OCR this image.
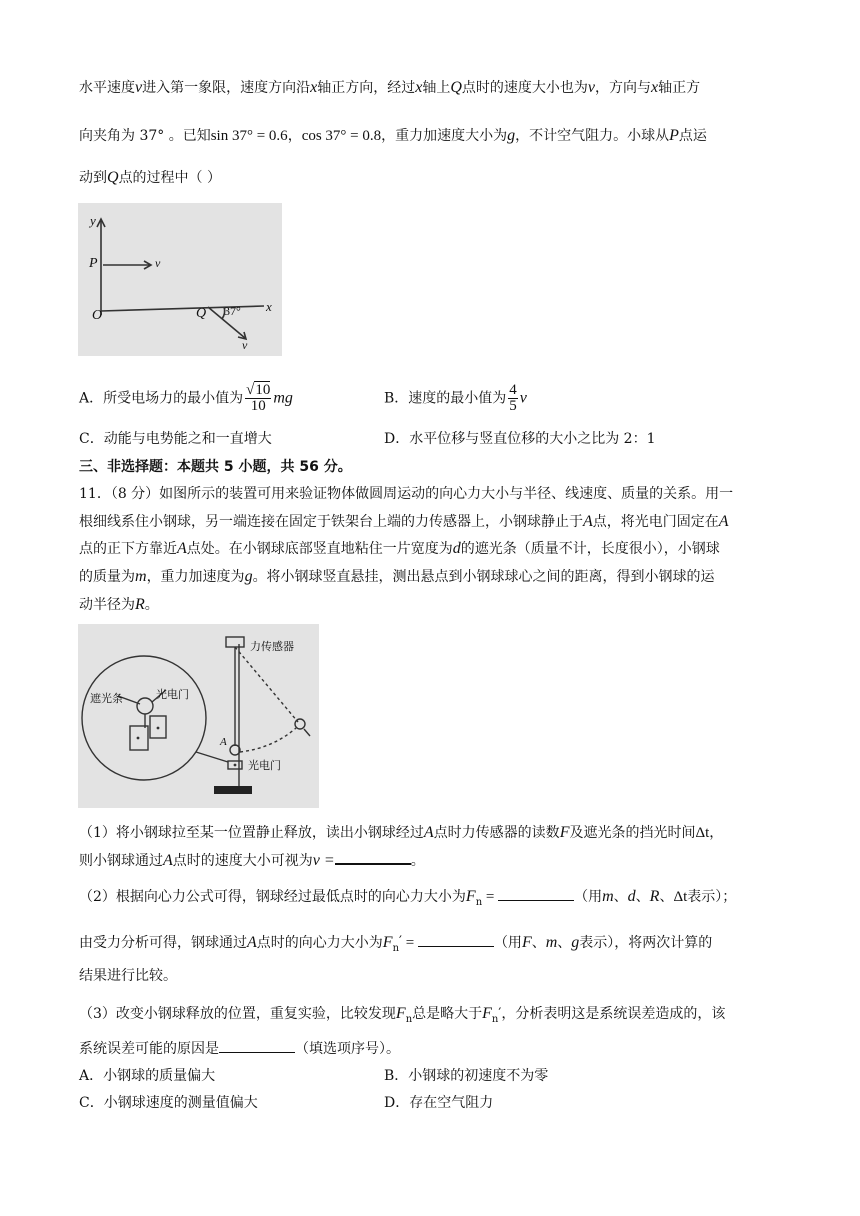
水平速度v进入第一象限，速度方向沿x轴正方向，经过x轴上Q点时的速度大小也为v，方向与x轴正方
向夹角为 37° 。已知sin 37° = 0.6，cos 37° = 0.8，重力加速度大小为g，不计空气阻力。小球从P点运
动到Q点的过程中（ ）
y
P	v
O	Q 37° x
v
A．所受电场力的最小值为 $\frac{√10}{10}$ mg	B．速度的最小值为 $\frac{4}{5}$ v
C．动能与电势能之和一直增大	D．水平位移与竖直位移的大小之比为 2：1
三、非选择题：本题共 5 小题，共 56 分。
11．（8 分）如图所示的装置可用来验证物体做圆周运动的向心力大小与半径、线速度、质量的关系。用一
根细线系住小钢球，另一端连接在固定于铁架台上端的力传感器上，小钢球静止于A点，将光电门固定在A
点的正下方靠近A点处。在小钢球底部竖直地粘住一片宽度为d的遮光条（质量不计，长度很小），小钢球
的质量为m，重力加速度为g。将小钢球竖直悬挂，测出悬点到小钢球球心之间的距离，得到小钢球的运
动半径为R。
力传感器
遮光条	光电门
A
光电门
（1）将小钢球拉至某一位置静止释放，读出小钢球经过A点时力传感器的读数F及遮光条的挡光时间Δt，
则小钢球通过A点时的速度大小可视为v =	。
（2）根据向心力公式可得，钢球经过最低点时的向心力大小为$F_n$ =	（用m、d、R、Δt表示）；
由受力分析可得，钢球通过A点时的向心力大小为$F_n'$ =	（用F、m、g表示），将两次计算的
结果进行比较。
（3）改变小钢球释放的位置，重复实验，比较发现$F_n$总是略大于$F_n'$，分析表明这是系统误差造成的，该
系统误差可能的原因是	（填选项序号）。
A．小钢球的质量偏大	B．小钢球的初速度不为零
C．小钢球速度的测量值偏大	D．存在空气阻力
